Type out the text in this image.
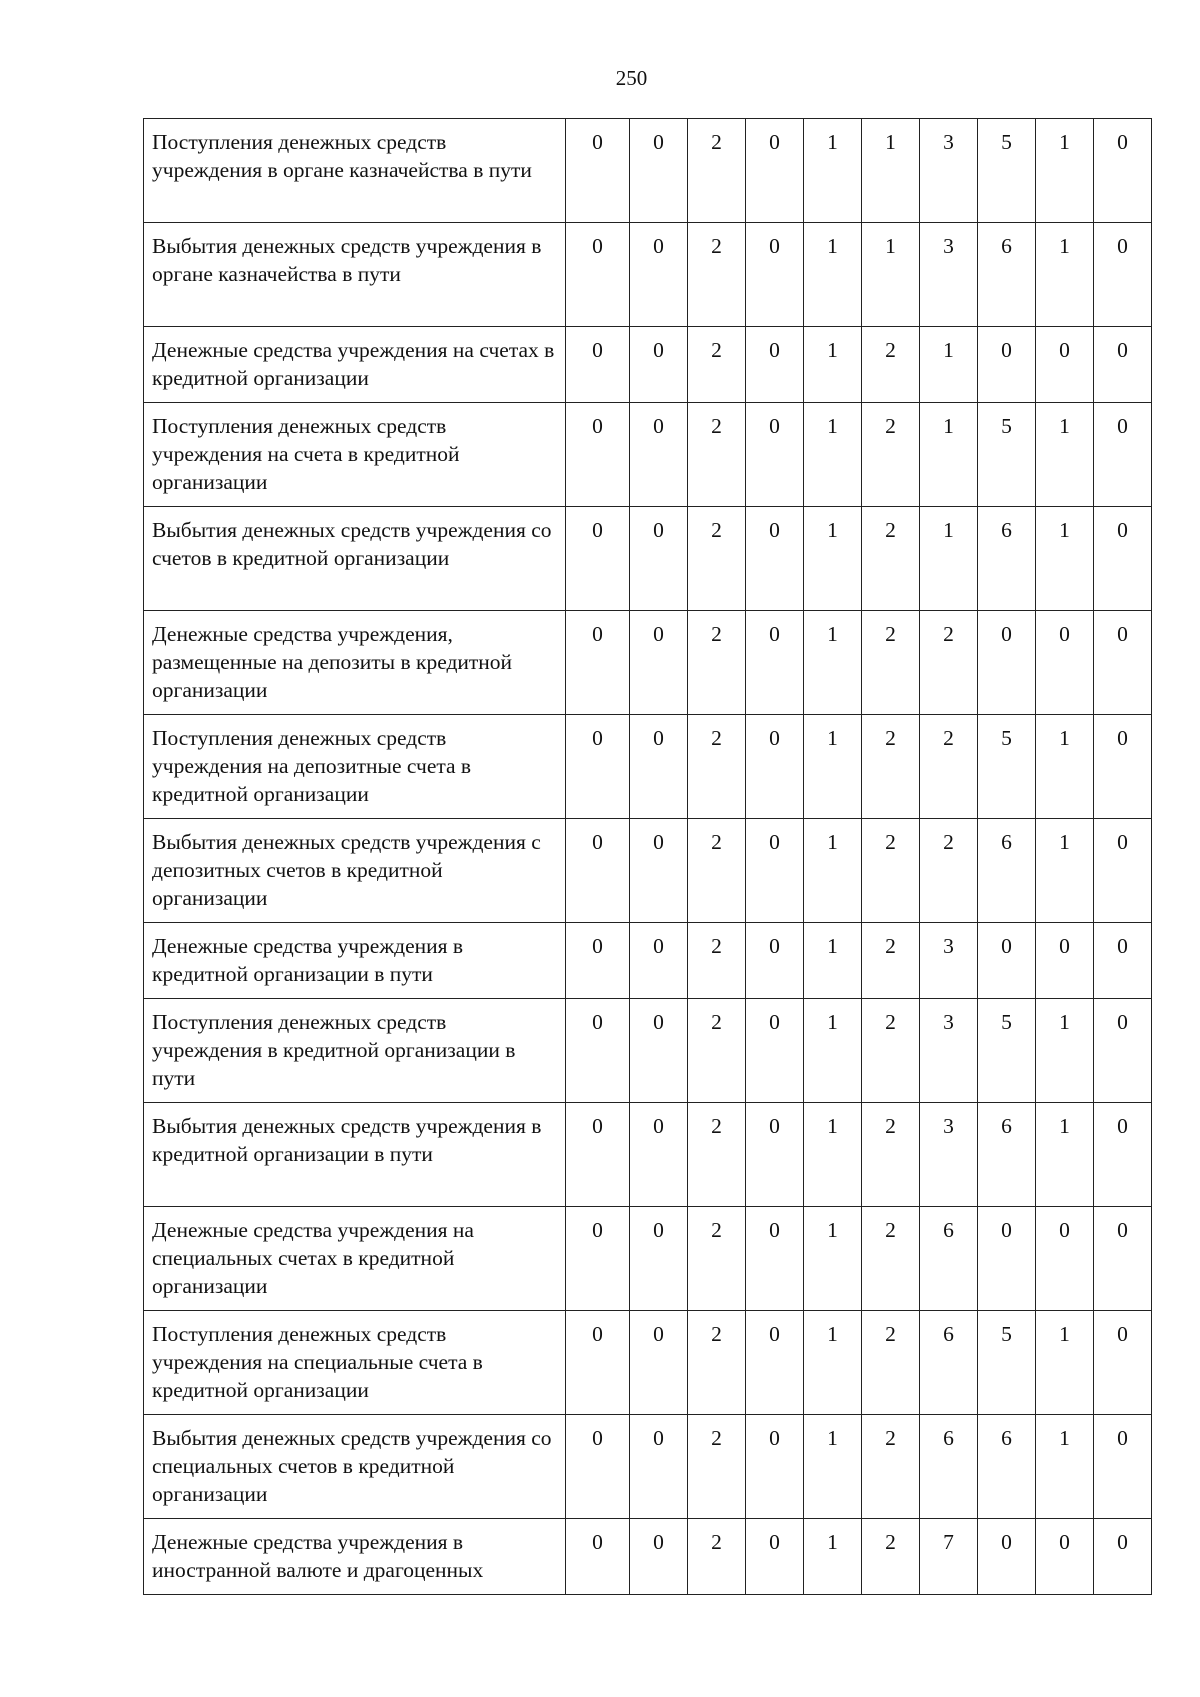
250
Поступления денежных средств учреждения в органе казначейства в пути	0	0	2	0	1	1	3	5	1	0
Выбытия денежных средств учреждения в органе казначейства в пути	0	0	2	0	1	1	3	6	1	0
Денежные средства учреждения на счетах в кредитной организации	0	0	2	0	1	2	1	0	0	0
Поступления денежных средств учреждения на счета в кредитной организации	0	0	2	0	1	2	1	5	1	0
Выбытия денежных средств учреждения со счетов в кредитной организации	0	0	2	0	1	2	1	6	1	0
Денежные средства учреждения, размещенные на депозиты в кредитной организации	0	0	2	0	1	2	2	0	0	0
Поступления денежных средств учреждения на депозитные счета в кредитной организации	0	0	2	0	1	2	2	5	1	0
Выбытия денежных средств учреждения с депозитных счетов в кредитной организации	0	0	2	0	1	2	2	6	1	0
Денежные средства учреждения в кредитной организации в пути	0	0	2	0	1	2	3	0	0	0
Поступления денежных средств учреждения в кредитной организации в пути	0	0	2	0	1	2	3	5	1	0
Выбытия денежных средств учреждения в кредитной организации в пути	0	0	2	0	1	2	3	6	1	0
Денежные средства учреждения на специальных счетах в кредитной организации	0	0	2	0	1	2	6	0	0	0
Поступления денежных средств учреждения на специальные счета в кредитной организации	0	0	2	0	1	2	6	5	1	0
Выбытия денежных средств учреждения со специальных счетов в кредитной организации	0	0	2	0	1	2	6	6	1	0
Денежные средства учреждения в иностранной валюте и драгоценных	0	0	2	0	1	2	7	0	0	0
